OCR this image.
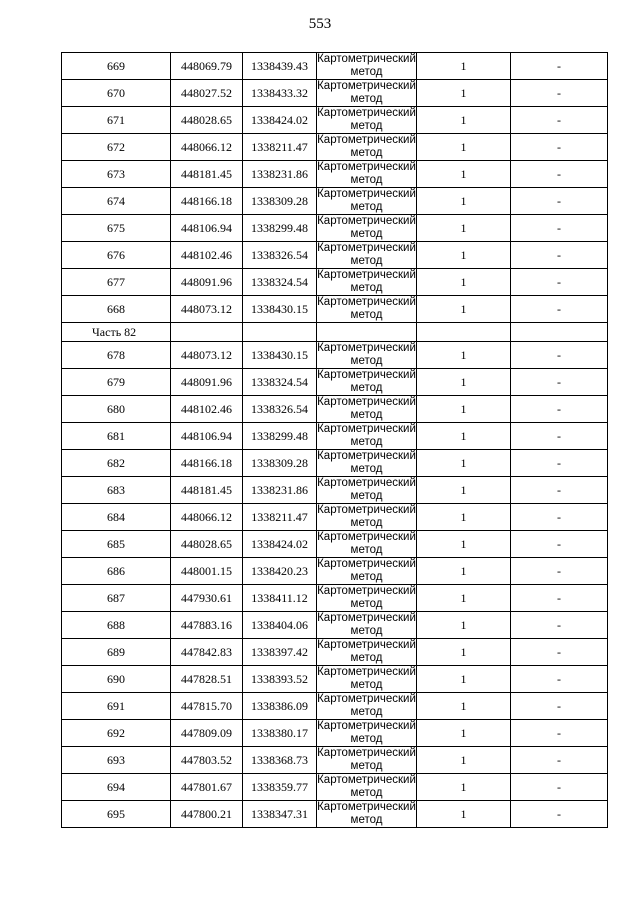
553
669	448069.79	1338439.43	Картометрический метод	1	-
670	448027.52	1338433.32	Картометрический метод	1	-
671	448028.65	1338424.02	Картометрический метод	1	-
672	448066.12	1338211.47	Картометрический метод	1	-
673	448181.45	1338231.86	Картометрический метод	1	-
674	448166.18	1338309.28	Картометрический метод	1	-
675	448106.94	1338299.48	Картометрический метод	1	-
676	448102.46	1338326.54	Картометрический метод	1	-
677	448091.96	1338324.54	Картометрический метод	1	-
668	448073.12	1338430.15	Картометрический метод	1	-
Часть 82					
678	448073.12	1338430.15	Картометрический метод	1	-
679	448091.96	1338324.54	Картометрический метод	1	-
680	448102.46	1338326.54	Картометрический метод	1	-
681	448106.94	1338299.48	Картометрический метод	1	-
682	448166.18	1338309.28	Картометрический метод	1	-
683	448181.45	1338231.86	Картометрический метод	1	-
684	448066.12	1338211.47	Картометрический метод	1	-
685	448028.65	1338424.02	Картометрический метод	1	-
686	448001.15	1338420.23	Картометрический метод	1	-
687	447930.61	1338411.12	Картометрический метод	1	-
688	447883.16	1338404.06	Картометрический метод	1	-
689	447842.83	1338397.42	Картометрический метод	1	-
690	447828.51	1338393.52	Картометрический метод	1	-
691	447815.70	1338386.09	Картометрический метод	1	-
692	447809.09	1338380.17	Картометрический метод	1	-
693	447803.52	1338368.73	Картометрический метод	1	-
694	447801.67	1338359.77	Картометрический метод	1	-
695	447800.21	1338347.31	Картометрический метод	1	-
